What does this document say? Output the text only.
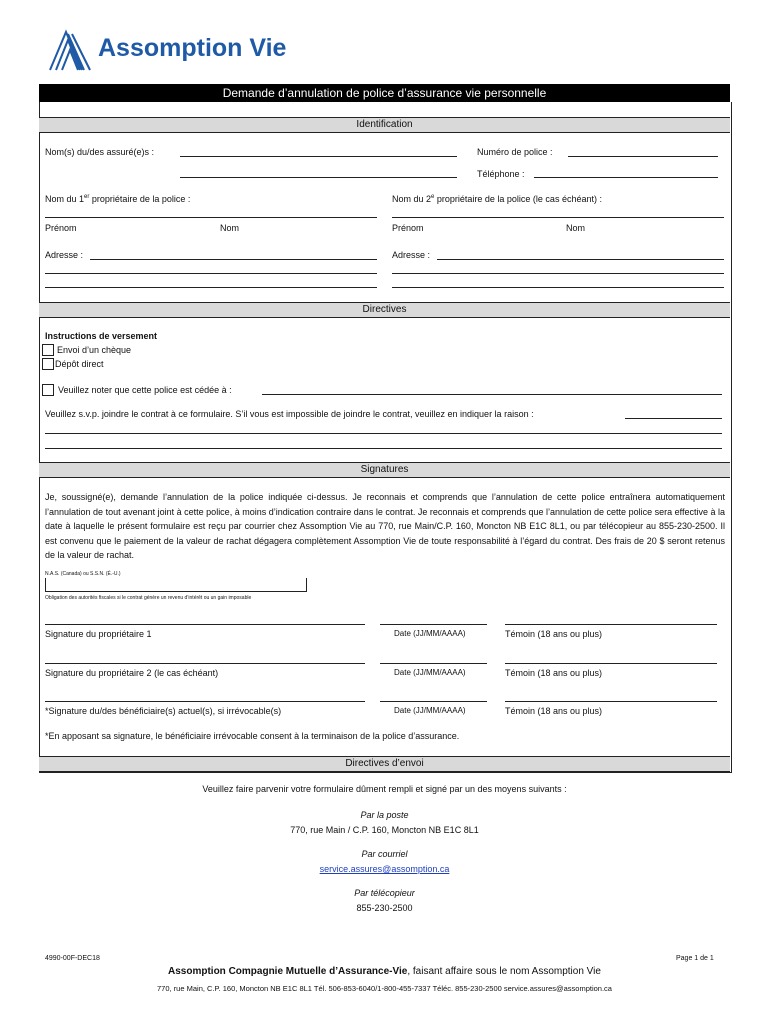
Assomption Vie
Demande d’annulation de police d’assurance vie personnelle
Identification
Nom(s) du/des assuré(e)s :	Numéro de police :
Téléphone :
Nom du 1er propriétaire de la police :	Nom du 2e propriétaire de la police (le cas échéant) :
Prénom	Nom	Prénom	Nom
Adresse :	Adresse :
Directives
Instructions de versement
Envoi d’un chèque
Dépôt direct
Veuillez noter que cette police est cédée à :
Veuillez s.v.p. joindre le contrat à ce formulaire. S’il vous est impossible de joindre le contrat, veuillez en indiquer la raison :
Signatures
Je, soussigné(e), demande l’annulation de la police indiquée ci-dessus. Je reconnais et comprends que l’annulation de cette police entraînera automatiquement l’annulation de tout avenant joint à cette police, à moins d’indication contraire dans le contrat. Je reconnais et comprends que l’annulation de cette police sera effective à la date à laquelle le présent formulaire est reçu par courrier chez Assomption Vie au 770, rue Main/C.P. 160, Moncton NB E1C 8L1, ou par télécopieur au 855-230-2500. Il est convenu que le paiement de la valeur de rachat dégagera complètement Assomption Vie de toute responsabilité à l’égard du contrat. Des frais de 20 $ seront retenus de la valeur de rachat.
N.A.S. (Canada) ou S.S.N. (É.-U.)
Obligation des autorités fiscales si le contrat génère un revenu d’intérêt ou un gain imposable
Signature du propriétaire 1	Date (JJ/MM/AAAA)	Témoin (18 ans ou plus)
Signature du propriétaire 2 (le cas échéant)	Date (JJ/MM/AAAA)	Témoin (18 ans ou plus)
*Signature du/des bénéficiaire(s) actuel(s), si irrévocable(s)	Date (JJ/MM/AAAA)	Témoin (18 ans ou plus)
*En apposant sa signature, le bénéficiaire irrévocable consent à la terminaison de la police d’assurance.
Directives d’envoi
Veuillez faire parvenir votre formulaire dûment rempli et signé par un des moyens suivants :
Par la poste
770, rue Main / C.P. 160, Moncton NB E1C 8L1
Par courriel
service.assures@assomption.ca
Par télécopieur
855-230-2500
4990-00F-DEC18	Page 1 de 1
Assomption Compagnie Mutuelle d’Assurance-Vie, faisant affaire sous le nom Assomption Vie
770, rue Main, C.P. 160, Moncton NB E1C 8L1 Tél. 506-853-6040/1-800-455-7337 Téléc. 855-230-2500 service.assures@assomption.ca
